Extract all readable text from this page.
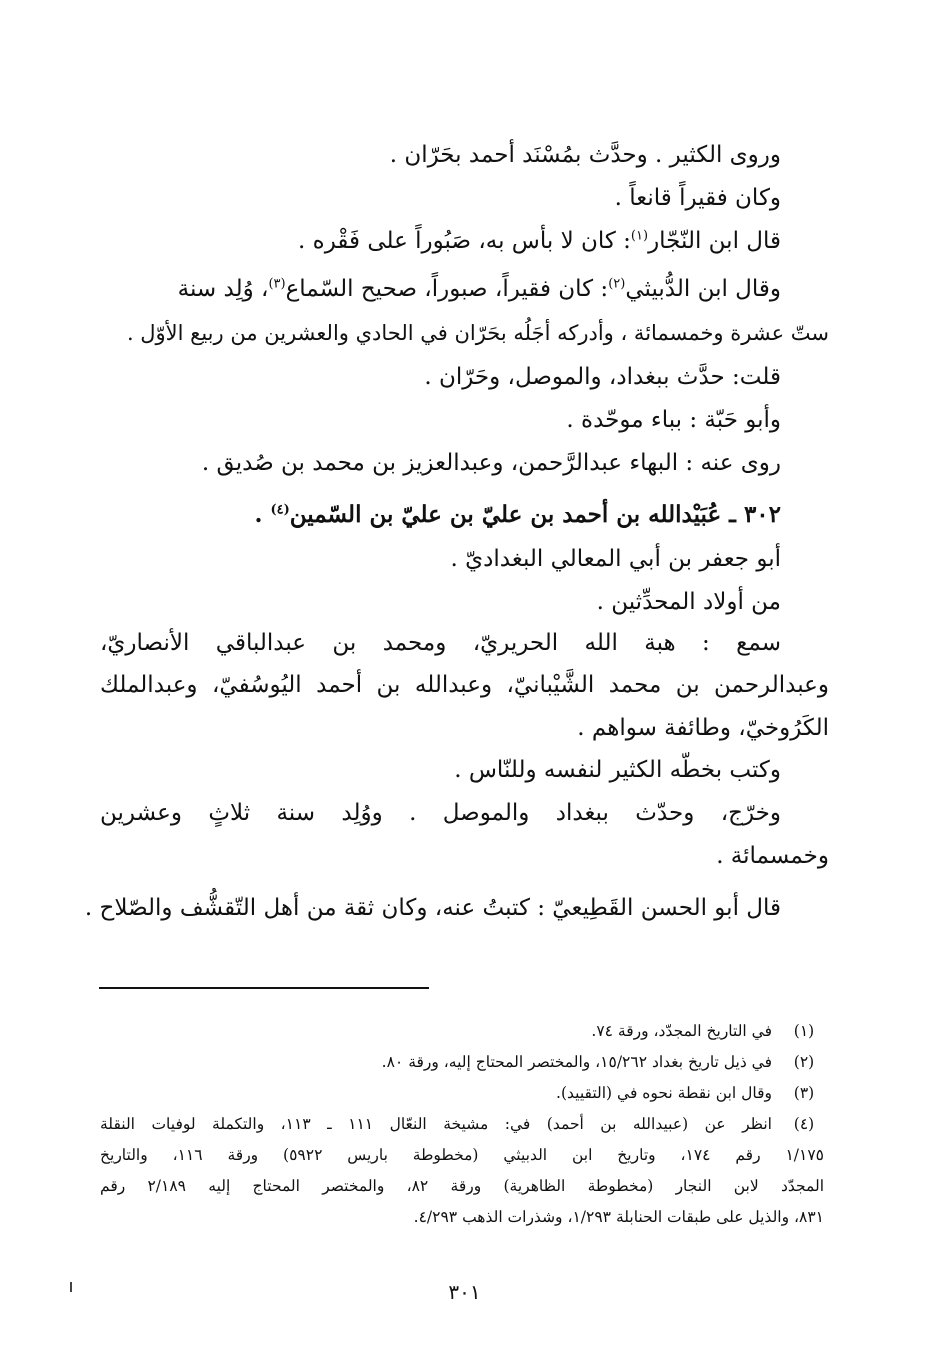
وروى الكثير . وحدَّث بمُسْنَد أحمد بحَرّان .
وكان فقيراً قانعاً .
قال ابن النّجّار$^{(١)}$: كان لا بأس به، صَبُوراً على فَقْره .
وقال ابن الدُّبيثي$^{(٢)}$: كان فقيراً، صبوراً، صحيح السّماع$^{(٣)}$، وُلِد سنة
ستّ عشرة وخمسمائة ، وأدركه أجَلُه بحَرّان في الحادي والعشرين من ربيع الأوّل .
قلت: حدَّث ببغداد، والموصل، وحَرّان .
وأبو حَبّة : بباء موحّدة .
روى عنه : البهاء عبدالرَّحمن، وعبدالعزيز بن محمد بن صُديق .
٣٠٢ ـ عُبَيْدالله بن أحمد بن عليّ بن عليّ بن السّمين$^{(٤)}$ .
أبو جعفر بن أبي المعالي البغداديّ .
من أولاد المحدِّثين .
سمع : هبة الله الحريريّ، ومحمد بن عبدالباقي الأنصاريّ،
وعبدالرحمن بن محمد الشَّيْبانيّ، وعبدالله بن أحمد اليُوسُفيّ، وعبدالملك
الكَرُوخيّ، وطائفة سواهم .
وكتب بخطّه الكثير لنفسه وللنّاس .
وخرّج، وحدّث ببغداد والموصل . ووُلِد سنة ثلاثٍ وعشرين
وخمسمائة .
قال أبو الحسن القَطِيعيّ : كتبتُ عنه، وكان ثقة من أهل التّقشُّف والصّلاح .
(١)
في التاريخ المجدّد، ورقة ٧٤.
(٢)
في ذيل تاريخ بغداد ١٥/٢٦٢، والمختصر المحتاج إليه، ورقة ٨٠.
(٣)
وقال ابن نقطة نحوه في (التقييد).
(٤)
انظر عن (عبيدالله بن أحمد) في: مشيخة النعّال ١١١ ـ ١١٣، والتكملة لوفيات النقلة
١/١٧٥ رقم ١٧٤، وتاريخ ابن الدبيثي (مخطوطة باريس ٥٩٢٢) ورقة ١١٦، والتاريخ
المجدّد لابن النجار (مخطوطة الظاهرية) ورقة ٨٢، والمختصر المحتاج إليه ٢/١٨٩ رقم
٨٣١، والذيل على طبقات الحنابلة ١/٢٩٣، وشذرات الذهب ٤/٢٩٣.
٣٠١
